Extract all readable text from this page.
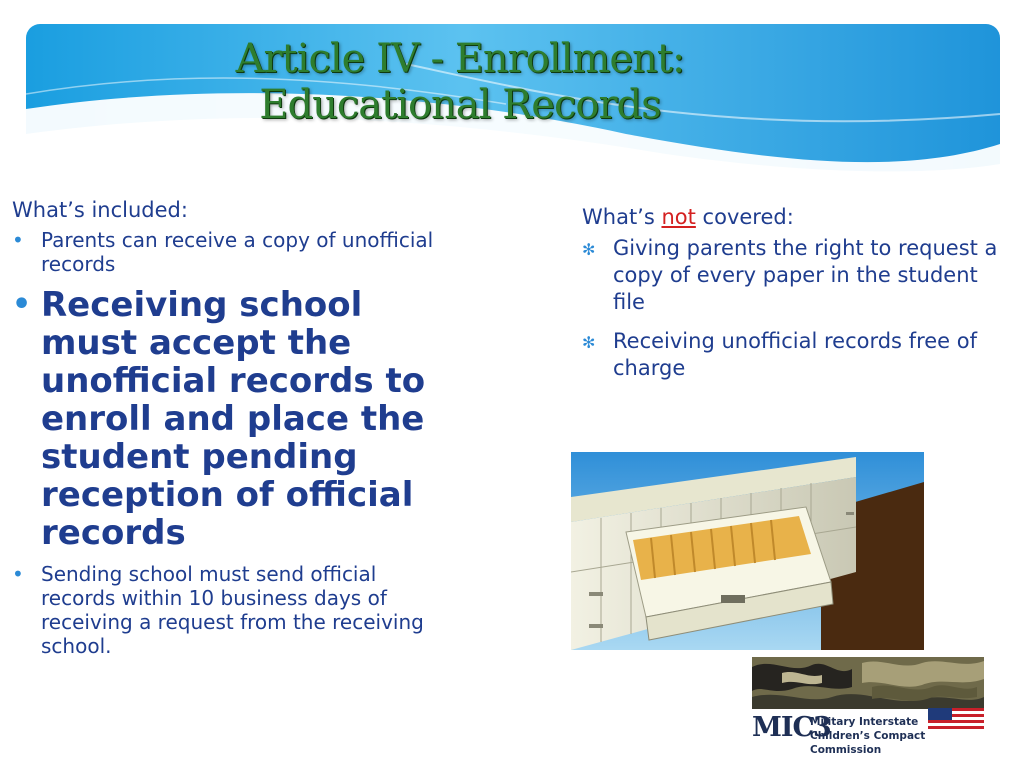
Article IV - Enrollment:
Educational Records
What’s included:
• Parents can receive a copy of unofficial records
• Receiving school must accept the unofficial records to enroll and place the student pending reception of official records
• Sending school must send official records within 10 business days of receiving a request from the receiving school.
What’s not covered:
✻ Giving parents the right to request a copy of every paper in the student file
✻ Receiving unofficial records free of charge
MIC3
Military Interstate
Children’s Compact Commission
